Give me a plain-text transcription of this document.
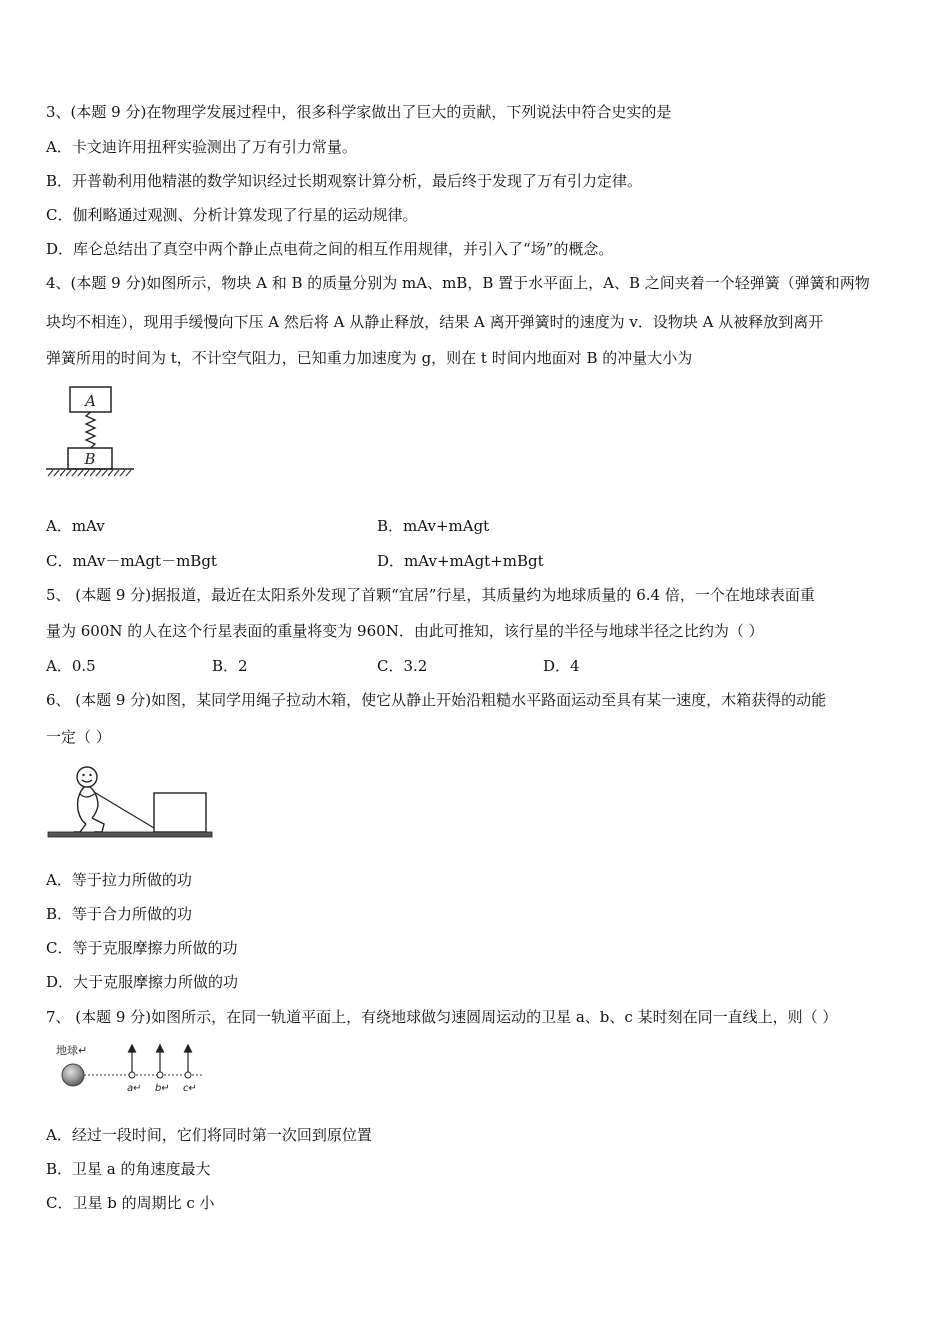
3、(本题 9 分)在物理学发展过程中，很多科学家做出了巨大的贡献，下列说法中符合史实的是
A．卡文迪许用扭秤实验测出了万有引力常量。
B．开普勒利用他精湛的数学知识经过长期观察计算分析，最后终于发现了万有引力定律。
C．伽利略通过观测、分析计算发现了行星的运动规律。
D．库仑总结出了真空中两个静止点电荷之间的相互作用规律，并引入了“场”的概念。
4、(本题 9 分)如图所示，物块 A 和 B 的质量分别为 mA、mB，B 置于水平面上，A、B 之间夹着一个轻弹簧（弹簧和两物
块均不相连），现用手缓慢向下压 A 然后将 A 从静止释放，结果 A 离开弹簧时的速度为 v．设物块 A 从被释放到离开
弹簧所用的时间为 t，不计空气阻力，已知重力加速度为 g，则在 t 时间内地面对 B 的冲量大小为
A
B
A．mAv	B．mAv+mAgt
C．mAv－mAgt－mBgt	D．mAv+mAgt+mBgt
5、 (本题 9 分)据报道，最近在太阳系外发现了首颗“宜居”行星，其质量约为地球质量的 6.4 倍，一个在地球表面重
量为 600N 的人在这个行星表面的重量将变为 960N．由此可推知，该行星的半径与地球半径之比约为（ ）
A．0.5	B．2	C．3.2	D．4
6、 (本题 9 分)如图，某同学用绳子拉动木箱，使它从静止开始沿粗糙水平路面运动至具有某一速度，木箱获得的动能
一定（ ）
A．等于拉力所做的功
B．等于合力所做的功
C．等于克服摩擦力所做的功
D．大于克服摩擦力所做的功
7、 (本题 9 分)如图所示，在同一轨道平面上，有绕地球做匀速圆周运动的卫星 a、b、c 某时刻在同一直线上，则（ ）
地球↵
a↵ b↵ c↵
A．经过一段时间，它们将同时第一次回到原位置
B．卫星 a 的角速度最大
C．卫星 b 的周期比 c 小
